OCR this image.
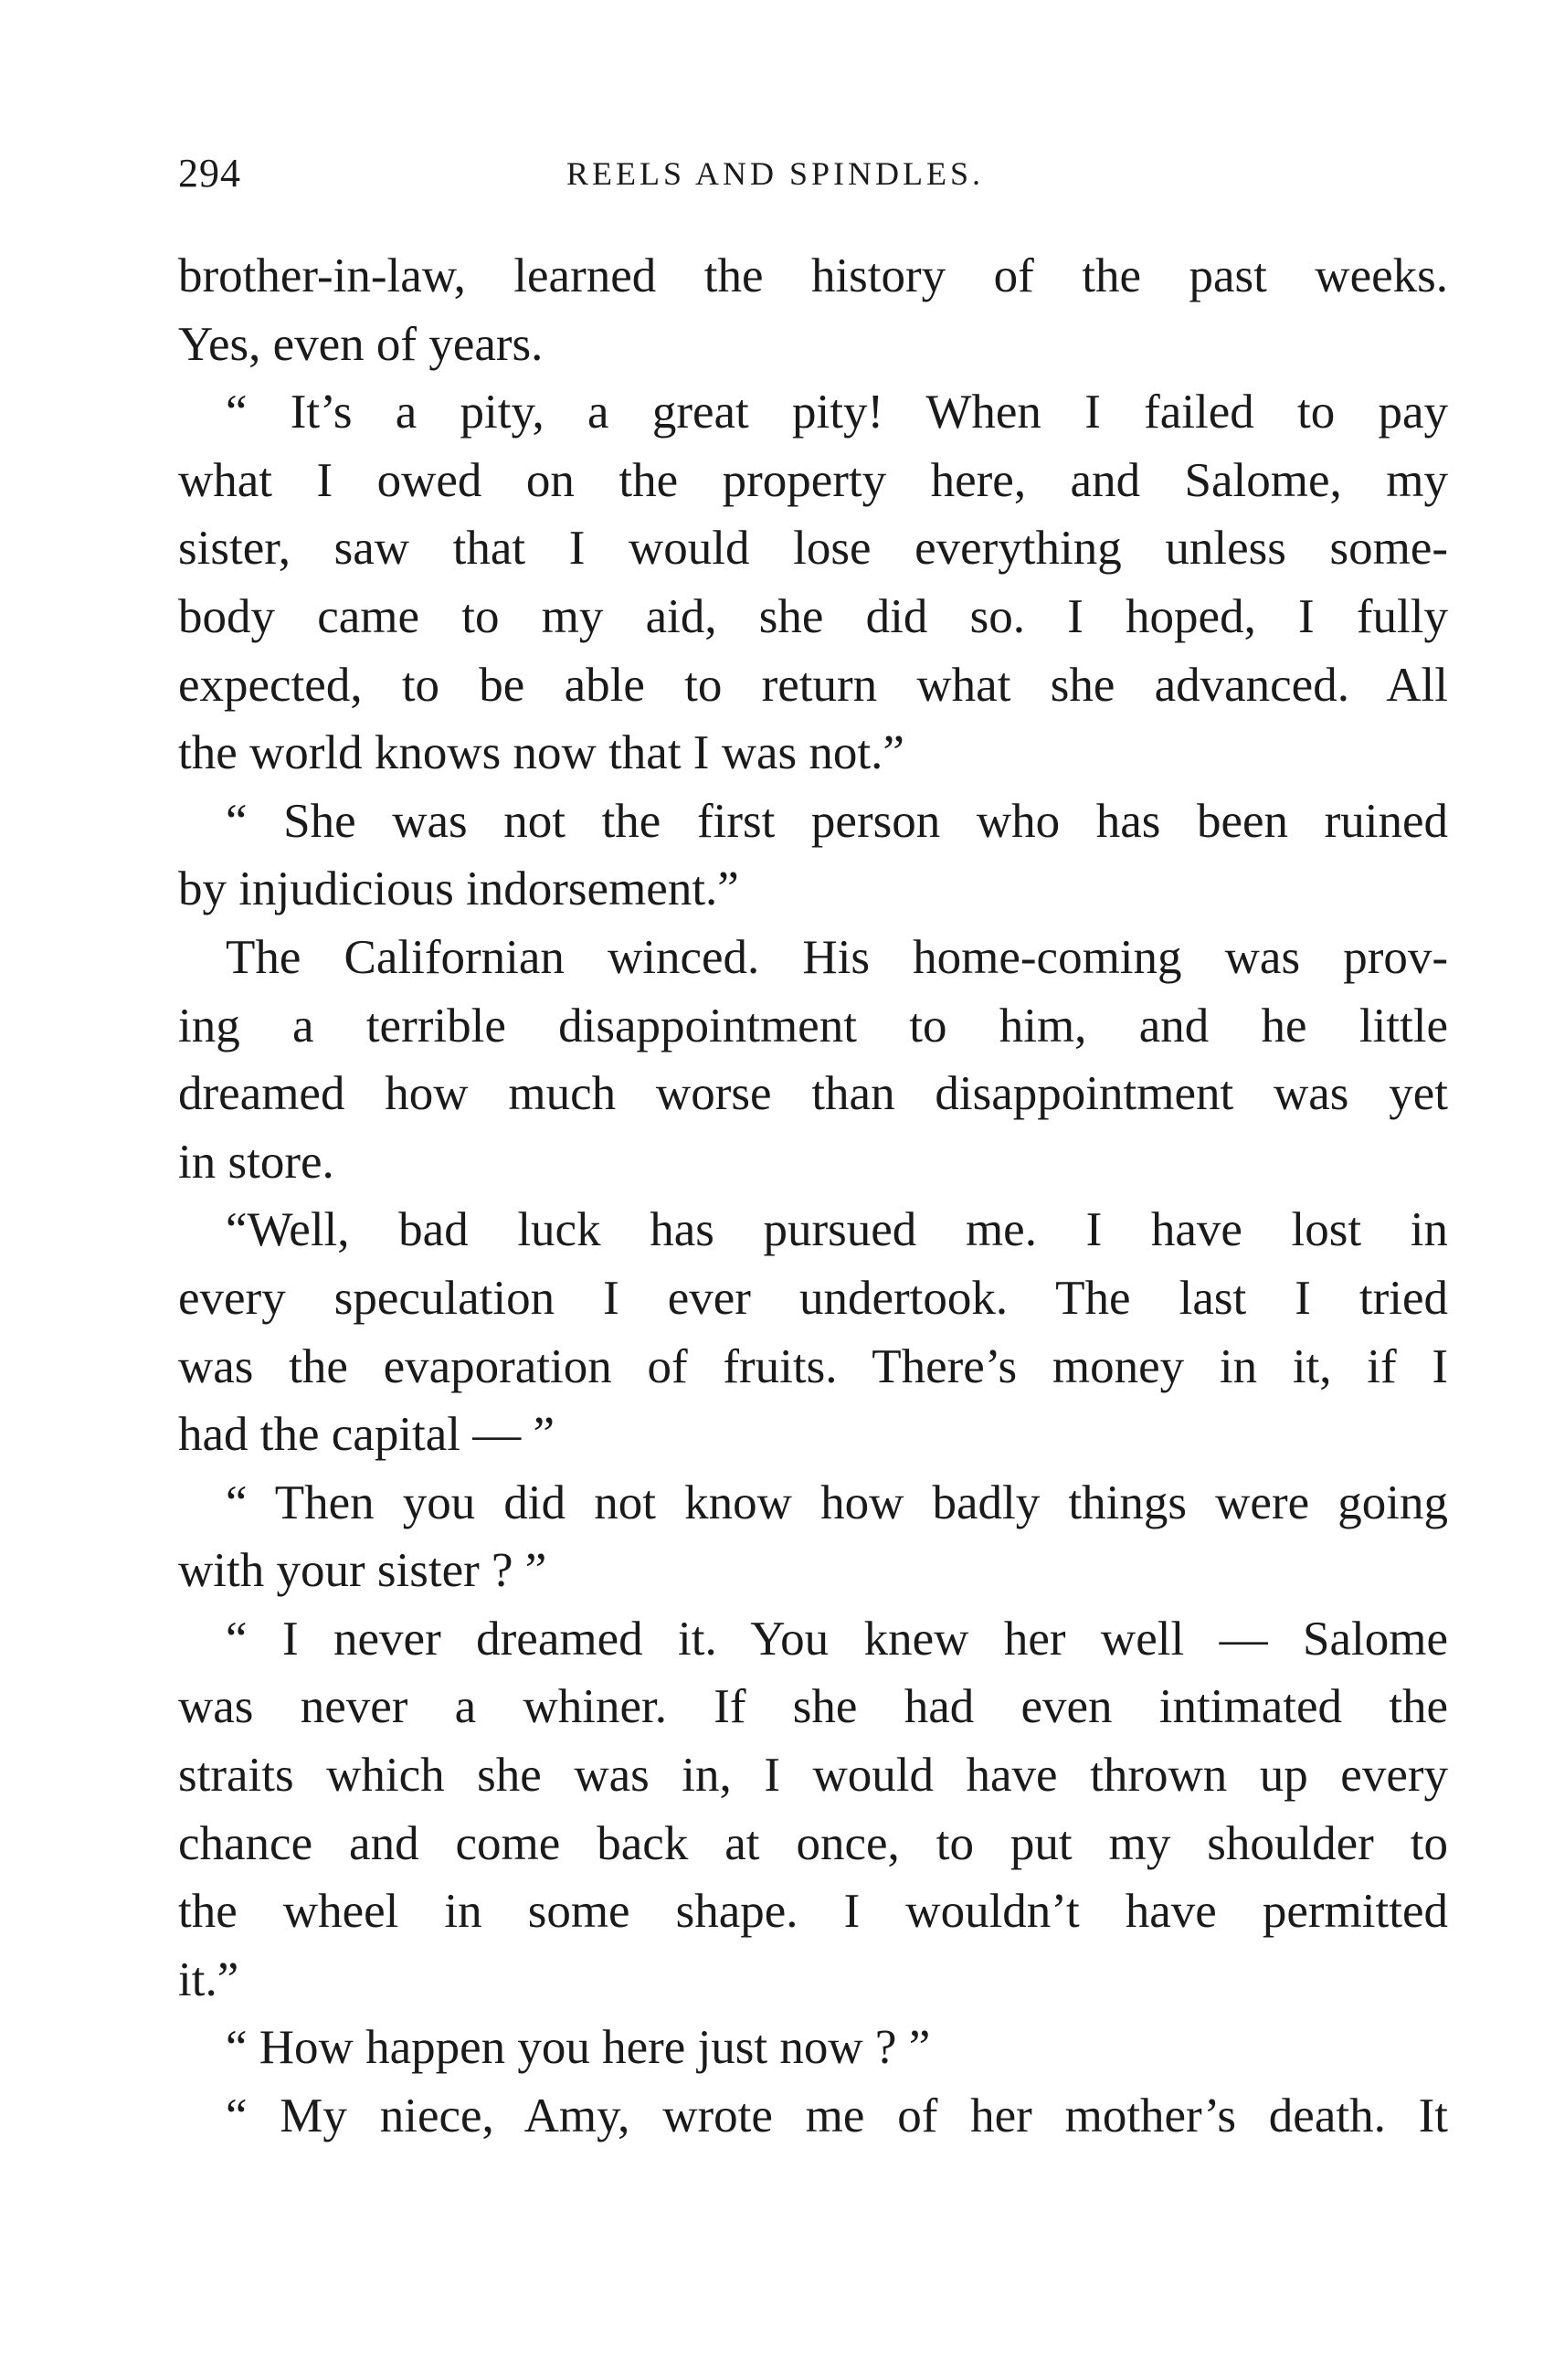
294	REELS AND SPINDLES.
brother-in-law, learned the history of the past weeks.
Yes, even of years.
“ It’s a pity, a great pity! When I failed to pay
what I owed on the property here, and Salome, my
sister, saw that I would lose everything unless some-
body came to my aid, she did so. I hoped, I fully
expected, to be able to return what she advanced. All
the world knows now that I was not.”
“ She was not the first person who has been ruined
by injudicious indorsement.”
The Californian winced. His home-coming was prov-
ing a terrible disappointment to him, and he little
dreamed how much worse than disappointment was yet
in store.
“Well, bad luck has pursued me. I have lost in
every speculation I ever undertook. The last I tried
was the evaporation of fruits. There’s money in it, if I
had the capital — ”
“ Then you did not know how badly things were going
with your sister ? ”
“ I never dreamed it. You knew her well — Salome
was never a whiner. If she had even intimated the
straits which she was in, I would have thrown up every
chance and come back at once, to put my shoulder to
the wheel in some shape. I wouldn’t have permitted
it.”
“ How happen you here just now ? ”
“ My niece, Amy, wrote me of her mother’s death. It
